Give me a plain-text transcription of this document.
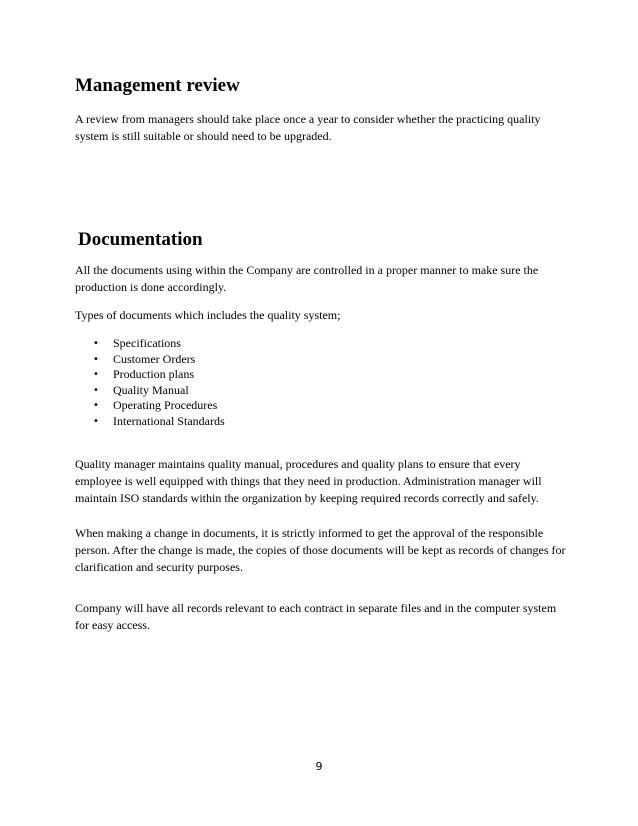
Management review

A review from managers should take place once a year to consider whether the practicing quality system is still suitable or should need to be upgraded.

Documentation

All the documents using within the Company are controlled in a proper manner to make sure the production is done accordingly.

Types of documents which includes the quality system;

• Specifications
• Customer Orders
• Production plans
• Quality Manual
• Operating Procedures
• International Standards

Quality manager maintains quality manual, procedures and quality plans to ensure that every employee is well equipped with things that they need in production. Administration manager will maintain ISO standards within the organization by keeping required records correctly and safely.

When making a change in documents, it is strictly informed to get the approval of the responsible person. After the change is made, the copies of those documents will be kept as records of changes for clarification and security purposes.

Company will have all records relevant to each contract in separate files and in the computer system for easy access.

9
